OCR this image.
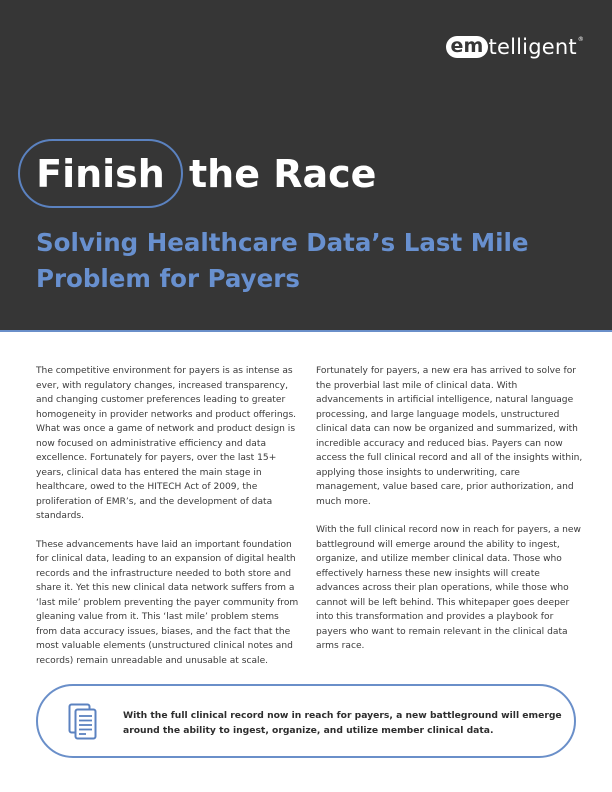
em telligent ®
Finish the Race
Solving Healthcare Data’s Last Mile Problem for Payers

The competitive environment for payers is as intense as ever, with regulatory changes, increased transparency, and changing customer preferences leading to greater homogeneity in provider networks and product offerings. What was once a game of network and product design is now focused on administrative efficiency and data excellence. Fortunately for payers, over the last 15+ years, clinical data has entered the main stage in healthcare, owed to the HITECH Act of 2009, the proliferation of EMR’s, and the development of data standards.

These advancements have laid an important foundation for clinical data, leading to an expansion of digital health records and the infrastructure needed to both store and share it. Yet this new clinical data network suffers from a ‘last mile’ problem preventing the payer community from gleaning value from it. This ‘last mile’ problem stems from data accuracy issues, biases, and the fact that the most valuable elements (unstructured clinical notes and records) remain unreadable and unusable at scale.

Fortunately for payers, a new era has arrived to solve for the proverbial last mile of clinical data. With advancements in artificial intelligence, natural language processing, and large language models, unstructured clinical data can now be organized and summarized, with incredible accuracy and reduced bias. Payers can now access the full clinical record and all of the insights within, applying those insights to underwriting, care management, value based care, prior authorization, and much more.

With the full clinical record now in reach for payers, a new battleground will emerge around the ability to ingest, organize, and utilize member clinical data. Those who effectively harness these new insights will create advances across their plan operations, while those who cannot will be left behind. This whitepaper goes deeper into this transformation and provides a playbook for payers who want to remain relevant in the clinical data arms race.

With the full clinical record now in reach for payers, a new battleground will emerge around the ability to ingest, organize, and utilize member clinical data.
